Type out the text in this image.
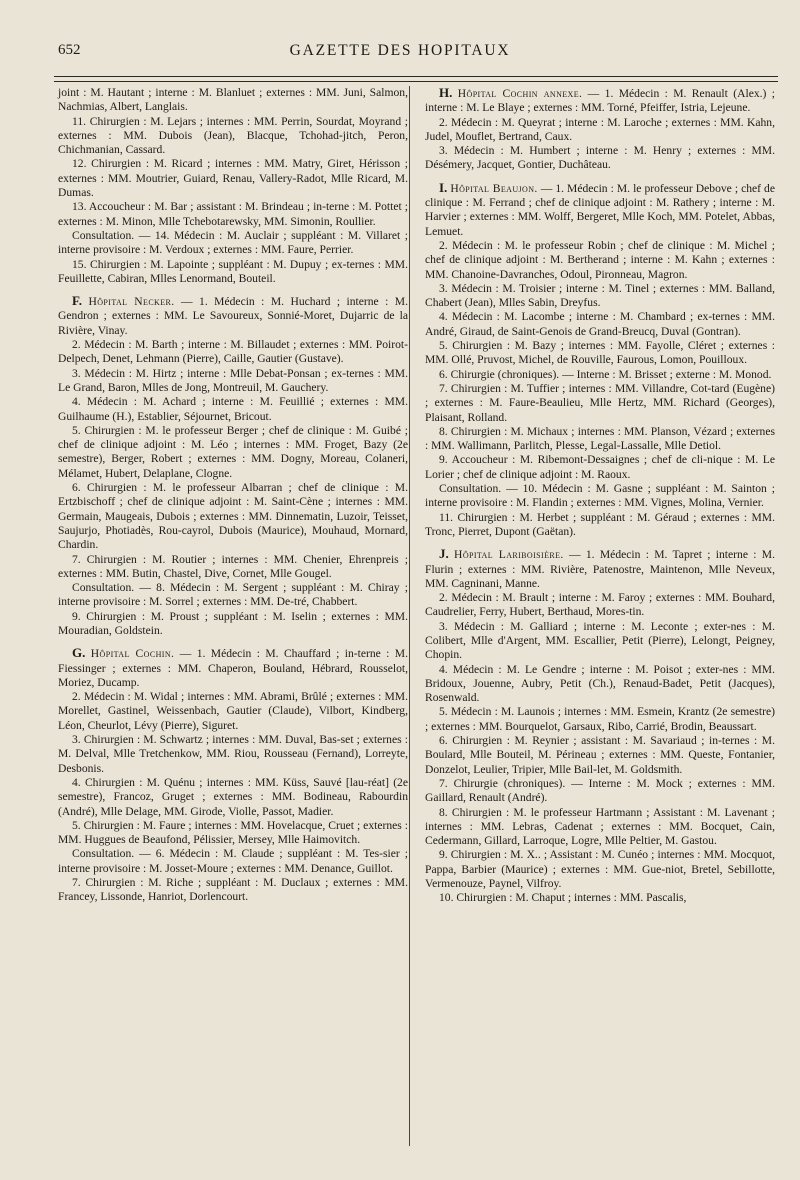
652	GAZETTE DES HOPITAUX

joint : M. Hautant ; interne : M. Blanluet ; externes : MM. Juni, Salmon, Nachmias, Albert, Langlais.

11. Chirurgien : M. Lejars ; internes : MM. Perrin, Sourdat, Moyrand ; externes : MM. Dubois (Jean), Blacque, Tchohad-jitch, Peron, Chichmanian, Cassard.

12. Chirurgien : M. Ricard ; internes : MM. Matry, Giret, Hérisson ; externes : MM. Moutrier, Guiard, Renau, Vallery-Radot, Mlle Ricard, M. Dumas.

13. Accoucheur : M. Bar ; assistant : M. Brindeau ; in-terne : M. Pottet ; externes : M. Minon, Mlle Tchebotarewsky, MM. Simonin, Roullier.

Consultation. — 14. Médecin : M. Auclair ; suppléant : M. Villaret ; interne provisoire : M. Verdoux ; externes : MM. Faure, Perrier.

15. Chirurgien : M. Lapointe ; suppléant : M. Dupuy ; ex-ternes : MM. Feuillette, Cabiran, Mlles Lenormand, Bouteil.

F. Hôpital Necker. — 1. Médecin : M. Huchard ; interne : M. Gendron ; externes : MM. Le Savoureux, Sonnié-Moret, Dujarric de la Rivière, Vinay.

2. Médecin : M. Barth ; interne : M. Billaudet ; externes : MM. Poirot-Delpech, Denet, Lehmann (Pierre), Caille, Gautier (Gustave).

3. Médecin : M. Hirtz ; interne : Mlle Debat-Ponsan ; ex-ternes : MM. Le Grand, Baron, Mlles de Jong, Montreuil, M. Gauchery.

4. Médecin : M. Achard ; interne : M. Feuillié ; externes : MM. Guilhaume (H.), Establier, Séjournet, Bricout.

5. Chirurgien : M. le professeur Berger ; chef de clinique : M. Guibé ; chef de clinique adjoint : M. Léo ; internes : MM. Froget, Bazy (2e semestre), Berger, Robert ; externes : MM. Dogny, Moreau, Colaneri, Mélamet, Hubert, Delaplane, Clogne.

6. Chirurgien : M. le professeur Albarran ; chef de clinique : M. Ertzbischoff ; chef de clinique adjoint : M. Saint-Cène ; internes : MM. Germain, Maugeais, Dubois ; externes : MM. Dinnematin, Luzoir, Teisset, Saujurjo, Photiadès, Rou-cayrol, Dubois (Maurice), Mouhaud, Mornard, Chardin.

7. Chirurgien : M. Routier ; internes : MM. Chenier, Ehrenpreis ; externes : MM. Butin, Chastel, Dive, Cornet, Mlle Gougel.

Consultation. — 8. Médecin : M. Sergent ; suppléant : M. Chiray ; interne provisoire : M. Sorrel ; externes : MM. De-tré, Chabbert.

9. Chirurgien : M. Proust ; suppléant : M. Iselin ; externes : MM. Mouradian, Goldstein.

G. Hôpital Cochin. — 1. Médecin : M. Chauffard ; in-terne : M. Fiessinger ; externes : MM. Chaperon, Bouland, Hébrard, Rousselot, Moriez, Ducamp.

2. Médecin : M. Widal ; internes : MM. Abrami, Brûlé ; externes : MM. Morellet, Gastinel, Weissenbach, Gautier (Claude), Vilbort, Kindberg, Léon, Cheurlot, Lévy (Pierre), Siguret.

3. Chirurgien : M. Schwartz ; internes : MM. Duval, Bas-set ; externes : M. Delval, Mlle Tretchenkow, MM. Riou, Rousseau (Fernand), Lorreyte, Desbonis.

4. Chirurgien : M. Quénu ; internes : MM. Küss, Sauvé [lau-réat] (2e semestre), Francoz, Gruget ; externes : MM. Bodineau, Rabourdin (André), Mlle Delage, MM. Girode, Violle, Passot, Madier.

5. Chirurgien : M. Faure ; internes : MM. Hovelacque, Cruet ; externes : MM. Huggues de Beaufond, Pélissier, Mersey, Mlle Haimovitch.

Consultation. — 6. Médecin : M. Claude ; suppléant : M. Tes-sier ; interne provisoire : M. Josset-Moure ; externes : MM. Denance, Guillot.

7. Chirurgien : M. Riche ; suppléant : M. Duclaux ; externes : MM. Francey, Lissonde, Hanriot, Dorlencourt.

H. Hôpital Cochin annexe. — 1. Médecin : M. Renault (Alex.) ; interne : M. Le Blaye ; externes : MM. Torné, Pfeiffer, Istria, Lejeune.

2. Médecin : M. Queyrat ; interne : M. Laroche ; externes : MM. Kahn, Judel, Mouflet, Bertrand, Caux.

3. Médecin : M. Humbert ; interne : M. Henry ; externes : MM. Désémery, Jacquet, Gontier, Duchâteau.

I. Hôpital Beaujon. — 1. Médecin : M. le professeur Debove ; chef de clinique : M. Ferrand ; chef de clinique adjoint : M. Rathery ; interne : M. Harvier ; externes : MM. Wolff, Bergeret, Mlle Koch, MM. Potelet, Abbas, Lemuet.

2. Médecin : M. le professeur Robin ; chef de clinique : M. Michel ; chef de clinique adjoint : M. Bertherand ; interne : M. Kahn ; externes : MM. Chanoine-Davranches, Odoul, Pironneau, Magron.

3. Médecin : M. Troisier ; interne : M. Tinel ; externes : MM. Balland, Chabert (Jean), Mlles Sabin, Dreyfus.

4. Médecin : M. Lacombe ; interne : M. Chambard ; ex-ternes : MM. André, Giraud, de Saint-Genois de Grand-Breucq, Duval (Gontran).

5. Chirurgien : M. Bazy ; internes : MM. Fayolle, Cléret ; externes : MM. Ollé, Pruvost, Michel, de Rouville, Faurous, Lomon, Pouilloux.

6. Chirurgie (chroniques). — Interne : M. Brisset ; externe : M. Monod.

7. Chirurgien : M. Tuffier ; internes : MM. Villandre, Cot-tard (Eugène) ; externes : M. Faure-Beaulieu, Mlle Hertz, MM. Richard (Georges), Plaisant, Rolland.

8. Chirurgien : M. Michaux ; internes : MM. Planson, Vézard ; externes : MM. Wallimann, Parlitch, Plesse, Legal-Lassalle, Mlle Detiol.

9. Accoucheur : M. Ribemont-Dessaignes ; chef de cli-nique : M. Le Lorier ; chef de clinique adjoint : M. Raoux.

Consultation. — 10. Médecin : M. Gasne ; suppléant : M. Sainton ; interne provisoire : M. Flandin ; externes : MM. Vignes, Molina, Vernier.

11. Chirurgien : M. Herbet ; suppléant : M. Géraud ; externes : MM. Tronc, Pierret, Dupont (Gaëtan).

J. Hôpital Lariboisière. — 1. Médecin : M. Tapret ; interne : M. Flurin ; externes : MM. Rivière, Patenostre, Maintenon, Mlle Neveux, MM. Cagninani, Manne.

2. Médecin : M. Brault ; interne : M. Faroy ; externes : MM. Bouhard, Caudrelier, Ferry, Hubert, Berthaud, Mores-tin.

3. Médecin : M. Galliard ; interne : M. Leconte ; exter-nes : M. Colibert, Mlle d'Argent, MM. Escallier, Petit (Pierre), Lelongt, Peigney, Chopin.

4. Médecin : M. Le Gendre ; interne : M. Poisot ; exter-nes : MM. Bridoux, Jouenne, Aubry, Petit (Ch.), Renaud-Badet, Petit (Jacques), Rosenwald.

5. Médecin : M. Launois ; internes : MM. Esmein, Krantz (2e semestre) ; externes : MM. Bourquelot, Garsaux, Ribo, Carrié, Brodin, Beaussart.

6. Chirurgien : M. Reynier ; assistant : M. Savariaud ; in-ternes : M. Boulard, Mlle Bouteil, M. Périneau ; externes : MM. Queste, Fontanier, Donzelot, Leulier, Tripier, Mlle Bail-let, M. Goldsmith.

7. Chirurgie (chroniques). — Interne : M. Mock ; externes : MM. Gaillard, Renault (André).

8. Chirurgien : M. le professeur Hartmann ; Assistant : M. Lavenant ; internes : MM. Lebras, Cadenat ; externes : MM. Bocquet, Cain, Cedermann, Gillard, Larroque, Logre, Mlle Peltier, M. Gastou.

9. Chirurgien : M. X.. ; Assistant : M. Cunéo ; internes : MM. Mocquot, Pappa, Barbier (Maurice) ; externes : MM. Gue-niot, Bretel, Sebillotte, Vermenouze, Paynel, Vilfroy.

10. Chirurgien : M. Chaput ; internes : MM. Pascalis,
